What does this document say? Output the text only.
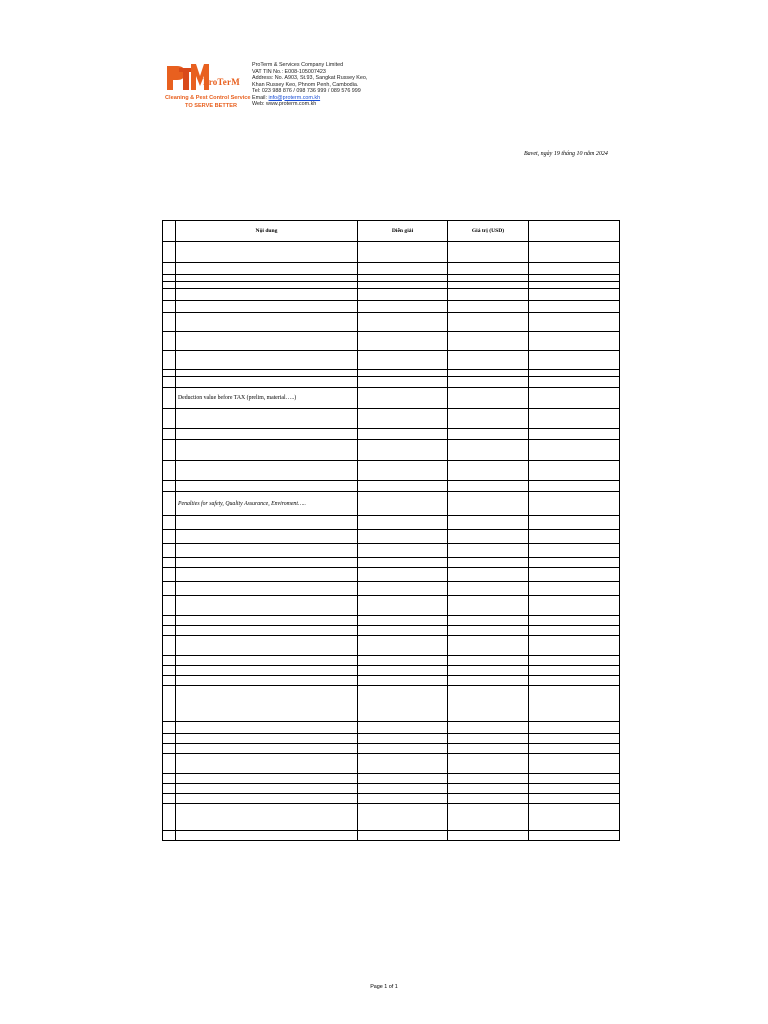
ProTerM
Cleaning & Pest Control Service
TO SERVE BETTER
ProTerm & Services Company Limited
VAT TIN No.: E008-105007423
Address: No. A903, St.93, Sangkat Russey Keo,
Khan Russey Keo, Phnom Penh, Cambodia.
Tel: 023 988 876 / 098 736 999 / 089 576 999
Email: info@proterm.com.kh
Web: www.proterm.com.kh
Bavet, ngày 19 tháng 10 năm 2024
	Nội dung	Diễn giải	Giá trị (USD)	

	Deduction value before TAX (prelim, material…..)			

	Penalties for safety, Quality Assurance, Enviroment…..			

Page 1 of 1
